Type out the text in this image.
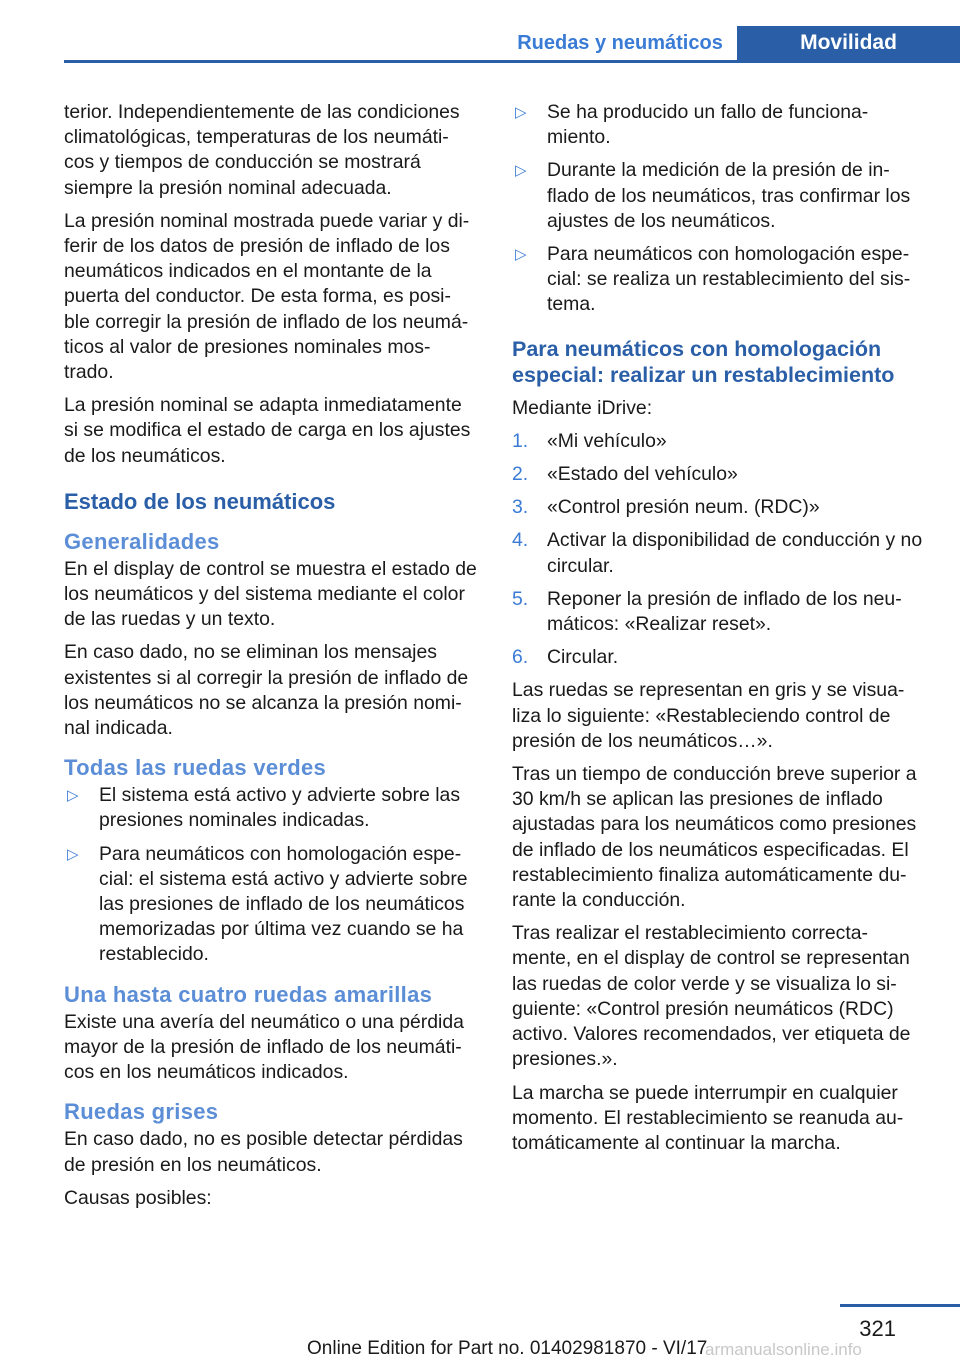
Ruedas y neumáticos	Movilidad

terior. Independientemente de las condiciones climatológicas, temperaturas de los neumáti‐ cos y tiempos de conducción se mostrará siempre la presión nominal adecuada.

La presión nominal mostrada puede variar y di‐ ferir de los datos de presión de inflado de los neumáticos indicados en el montante de la puerta del conductor. De esta forma, es posi‐ ble corregir la presión de inflado de los neumá‐ ticos al valor de presiones nominales mos‐ trado.

La presión nominal se adapta inmediatamente si se modifica el estado de carga en los ajustes de los neumáticos.

Estado de los neumáticos
Generalidades

En el display de control se muestra el estado de los neumáticos y del sistema mediante el color de las ruedas y un texto.

En caso dado, no se eliminan los mensajes existentes si al corregir la presión de inflado de los neumáticos no se alcanza la presión nomi‐ nal indicada.

Todas las ruedas verdes
▷ El sistema está activo y advierte sobre las presiones nominales indicadas.
▷ Para neumáticos con homologación espe‐ cial: el sistema está activo y advierte sobre las presiones de inflado de los neumáticos memorizadas por última vez cuando se ha restablecido.
Una hasta cuatro ruedas amarillas

Existe una avería del neumático o una pérdida mayor de la presión de inflado de los neumáti‐ cos en los neumáticos indicados.

Ruedas grises

En caso dado, no es posible detectar pérdidas de presión en los neumáticos.

Causas posibles:

▷ Se ha producido un fallo de funciona‐ miento.
▷ Durante la medición de la presión de in‐ flado de los neumáticos, tras confirmar los ajustes de los neumáticos.
▷ Para neumáticos con homologación espe‐ cial: se realiza un restablecimiento del sis‐ tema.
Para neumáticos con homologación especial: realizar un restablecimiento

Mediante iDrive:

1. «Mi vehículo»
2. «Estado del vehículo»
3. «Control presión neum. (RDC)»
4. Activar la disponibilidad de conducción y no circular.
5. Reponer la presión de inflado de los neu‐ máticos: «Realizar reset».
6. Circular.

Las ruedas se representan en gris y se visua‐ liza lo siguiente: «Restableciendo control de presión de los neumáticos…».

Tras un tiempo de conducción breve superior a 30 km/h se aplican las presiones de inflado ajustadas para los neumáticos como presiones de inflado de los neumáticos especificadas. El restablecimiento finaliza automáticamente du‐ rante la conducción.

Tras realizar el restablecimiento correcta‐ mente, en el display de control se representan las ruedas de color verde y se visualiza lo si‐ guiente: «Control presión neumáticos (RDC) activo. Valores recomendados, ver etiqueta de presiones.».

La marcha se puede interrumpir en cualquier momento. El restablecimiento se reanuda au‐ tomáticamente al continuar la marcha.

321
Online Edition for Part no. 01402981870 - VI/17
armanualsonline.info
